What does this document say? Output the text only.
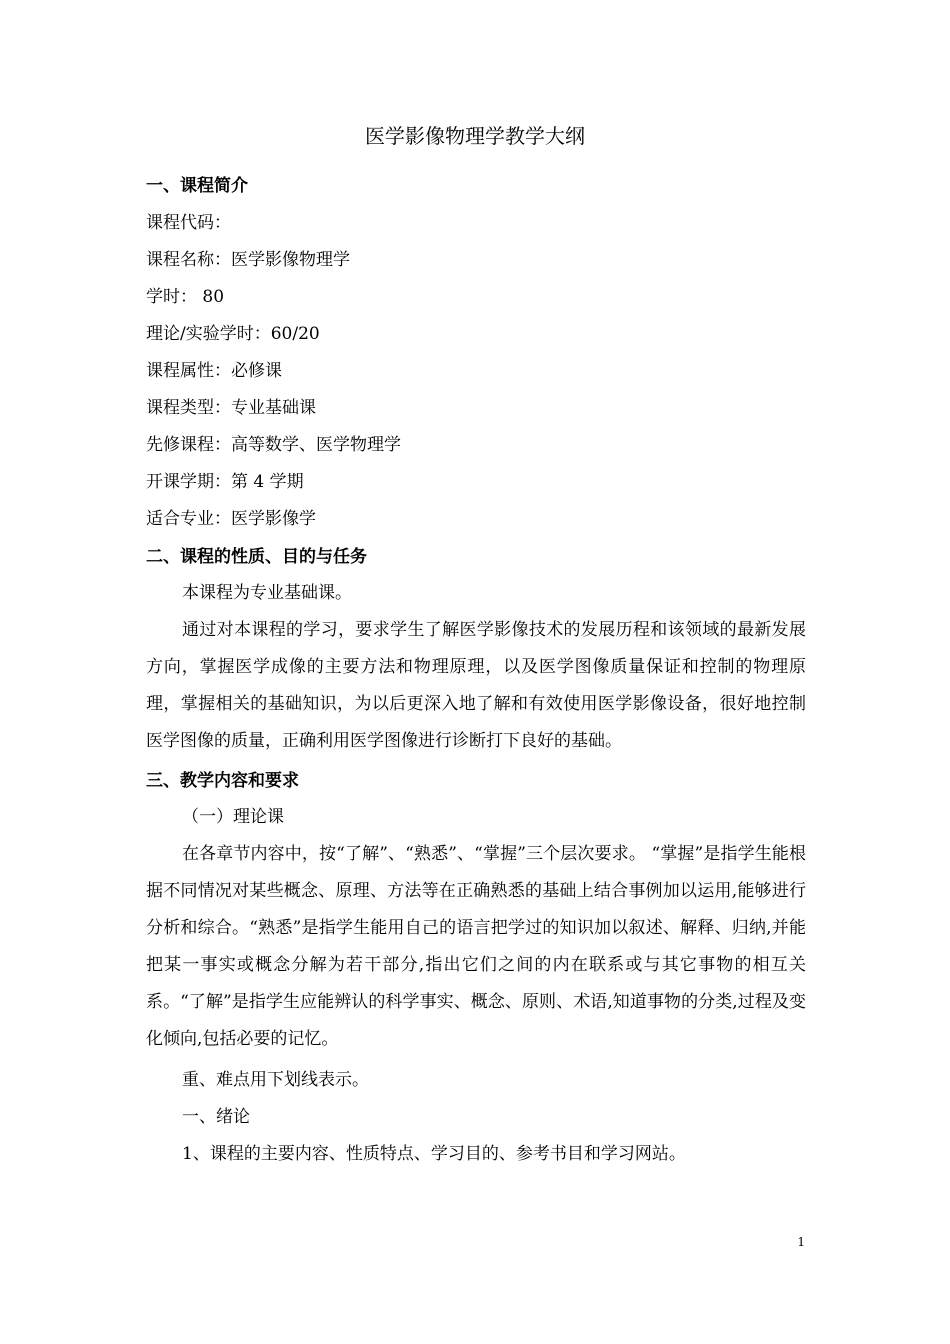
医学影像物理学教学大纲
一、课程简介
课程代码：
课程名称：医学影像物理学
学时： 80
理论/实验学时：60/20
课程属性：必修课
课程类型：专业基础课
先修课程：高等数学、医学物理学
开课学期：第 4 学期
适合专业：医学影像学
二、课程的性质、目的与任务
本课程为专业基础课。
通过对本课程的学习，要求学生了解医学影像技术的发展历程和该领域的最新发展方向，掌握医学成像的主要方法和物理原理，以及医学图像质量保证和控制的物理原理，掌握相关的基础知识，为以后更深入地了解和有效使用医学影像设备，很好地控制医学图像的质量，正确利用医学图像进行诊断打下良好的基础。
三、教学内容和要求
（一）理论课
在各章节内容中，按“了解”、“熟悉”、“掌握”三个层次要求。 “掌握”是指学生能根据不同情况对某些概念、原理、方法等在正确熟悉的基础上结合事例加以运用,能够进行分析和综合。“熟悉”是指学生能用自己的语言把学过的知识加以叙述、解释、归纳,并能把某一事实或概念分解为若干部分,指出它们之间的内在联系或与其它事物的相互关系。“了解”是指学生应能辨认的科学事实、概念、原则、术语,知道事物的分类,过程及变化倾向,包括必要的记忆。
重、难点用下划线表示。
一、绪论
1、课程的主要内容、性质特点、学习目的、参考书目和学习网站。
1
